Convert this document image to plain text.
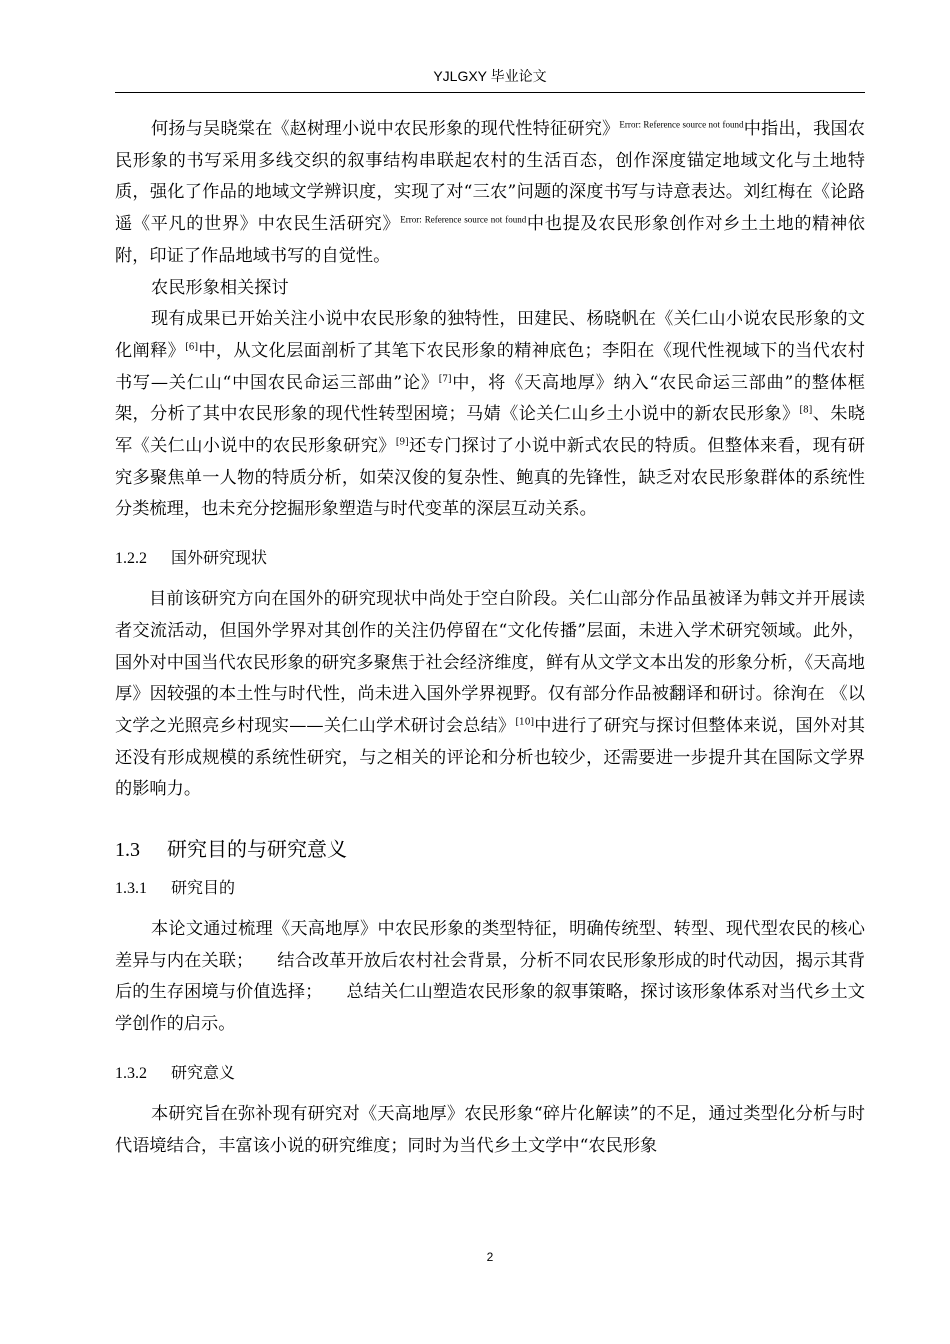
YJLGXY 毕业论文

何扬与吴晓棠在《赵树理小说中农民形象的现代性特征研究》$^{Error: Reference source not found}$中指出，我国农民形象的书写采用多线交织的叙事结构串联起农村的生活百态，创作深度锚定地域文化与土地特质，强化了作品的地域文学辨识度，实现了对“三农”问题的深度书写与诗意表达。刘红梅在《论路遥《平凡的世界》中农民生活研究》$^{Error: Reference source not found}$中也提及农民形象创作对乡土土地的精神依附，印证了作品地域书写的自觉性。

农民形象相关探讨

现有成果已开始关注小说中农民形象的独特性，田建民、杨晓帆在《关仁山小说农民形象的文化阐释》[6]中，从文化层面剖析了其笔下农民形象的精神底色；李阳在《现代性视域下的当代农村书写—关仁山“中国农民命运三部曲”论》[7]中，将《天高地厚》纳入“农民命运三部曲”的整体框架，分析了其中农民形象的现代性转型困境；马婧《论关仁山乡土小说中的新农民形象》[8]、朱晓军《关仁山小说中的农民形象研究》[9]还专门探讨了小说中新式农民的特质。但整体来看，现有研究多聚焦单一人物的特质分析，如荣汉俊的复杂性、鲍真的先锋性，缺乏对农民形象群体的系统性分类梳理，也未充分挖掘形象塑造与时代变革的深层互动关系。

1.2.2 国外研究现状

目前该研究方向在国外的研究现状中尚处于空白阶段。关仁山部分作品虽被译为韩文并开展读者交流活动，但国外学界对其创作的关注仍停留在“文化传播”层面，未进入学术研究领域。此外，国外对中国当代农民形象的研究多聚焦于社会经济维度，鲜有从文学文本出发的形象分析，《天高地厚》因较强的本土性与时代性，尚未进入国外学界视野。仅有部分作品被翻译和研讨。徐洵在 《以文学之光照亮乡村现实——关仁山学术研讨会总结》[10]中进行了研究与探讨但整体来说，国外对其还没有形成规模的系统性研究，与之相关的评论和分析也较少，还需要进一步提升其在国际文学界的影响力。

1.3 研究目的与研究意义
1.3.1 研究目的

本论文通过梳理《天高地厚》中农民形象的类型特征，明确传统型、转型、现代型农民的核心差异与内在关联； 结合改革开放后农村社会背景，分析不同农民形象形成的时代动因，揭示其背后的生存困境与价值选择； 总结关仁山塑造农民形象的叙事策略，探讨该形象体系对当代乡土文学创作的启示。

1.3.2 研究意义

本研究旨在弥补现有研究对《天高地厚》农民形象“碎片化解读”的不足，通过类型化分析与时代语境结合，丰富该小说的研究维度；同时为当代乡土文学中“农民形象

2
